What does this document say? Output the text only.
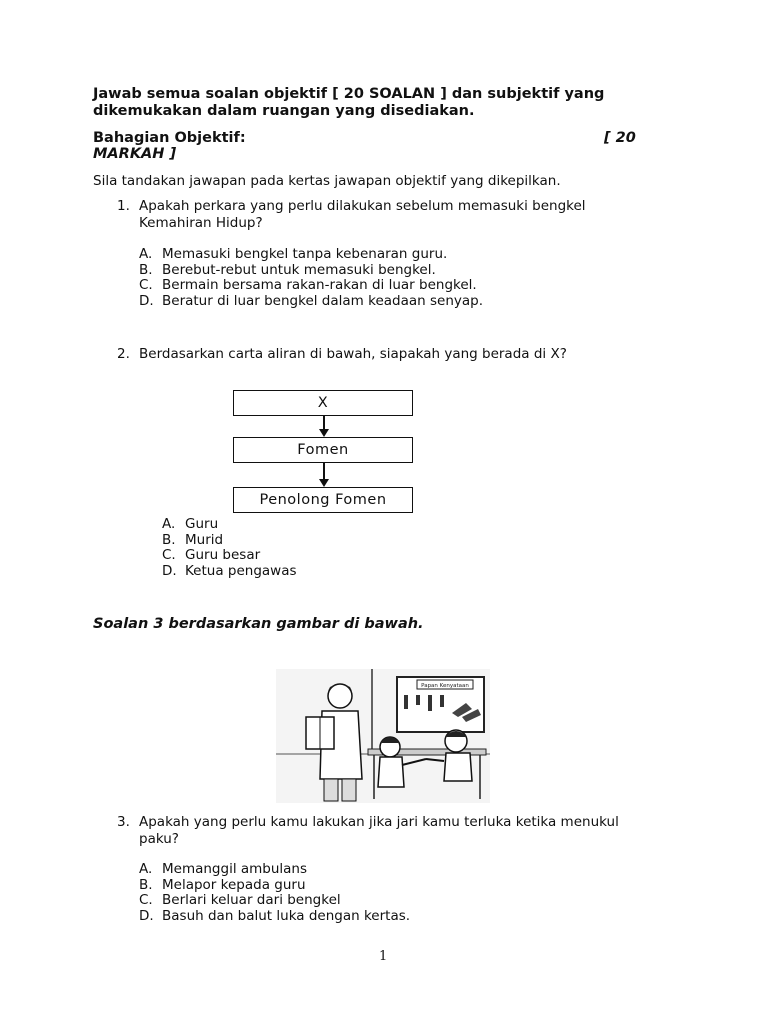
Jawab semua soalan objektif [ 20 SOALAN ] dan subjektif yang dikemukakan dalam ruangan yang disediakan.
Bahagian Objektif:	[ 20
MARKAH ]
Sila tandakan jawapan pada kertas jawapan objektif yang dikepilkan.
1. Apakah perkara yang perlu dilakukan sebelum memasuki bengkel Kemahiran Hidup?
A. Memasuki bengkel tanpa kebenaran guru.
B. Berebut-rebut untuk memasuki bengkel.
C. Bermain bersama rakan-rakan di luar bengkel.
D. Beratur di luar bengkel dalam keadaan senyap.
2. Berdasarkan carta aliran di bawah, siapakah yang berada di X?
X
Fomen
Penolong Fomen
A. Guru
B. Murid
C. Guru besar
D. Ketua pengawas
Soalan 3 berdasarkan gambar di bawah.
Papan Kenyataan
3. Apakah yang perlu kamu lakukan jika jari kamu terluka ketika menukul paku?
A. Memanggil ambulans
B. Melapor kepada guru
C. Berlari keluar dari bengkel
D. Basuh dan balut luka dengan kertas.
1
